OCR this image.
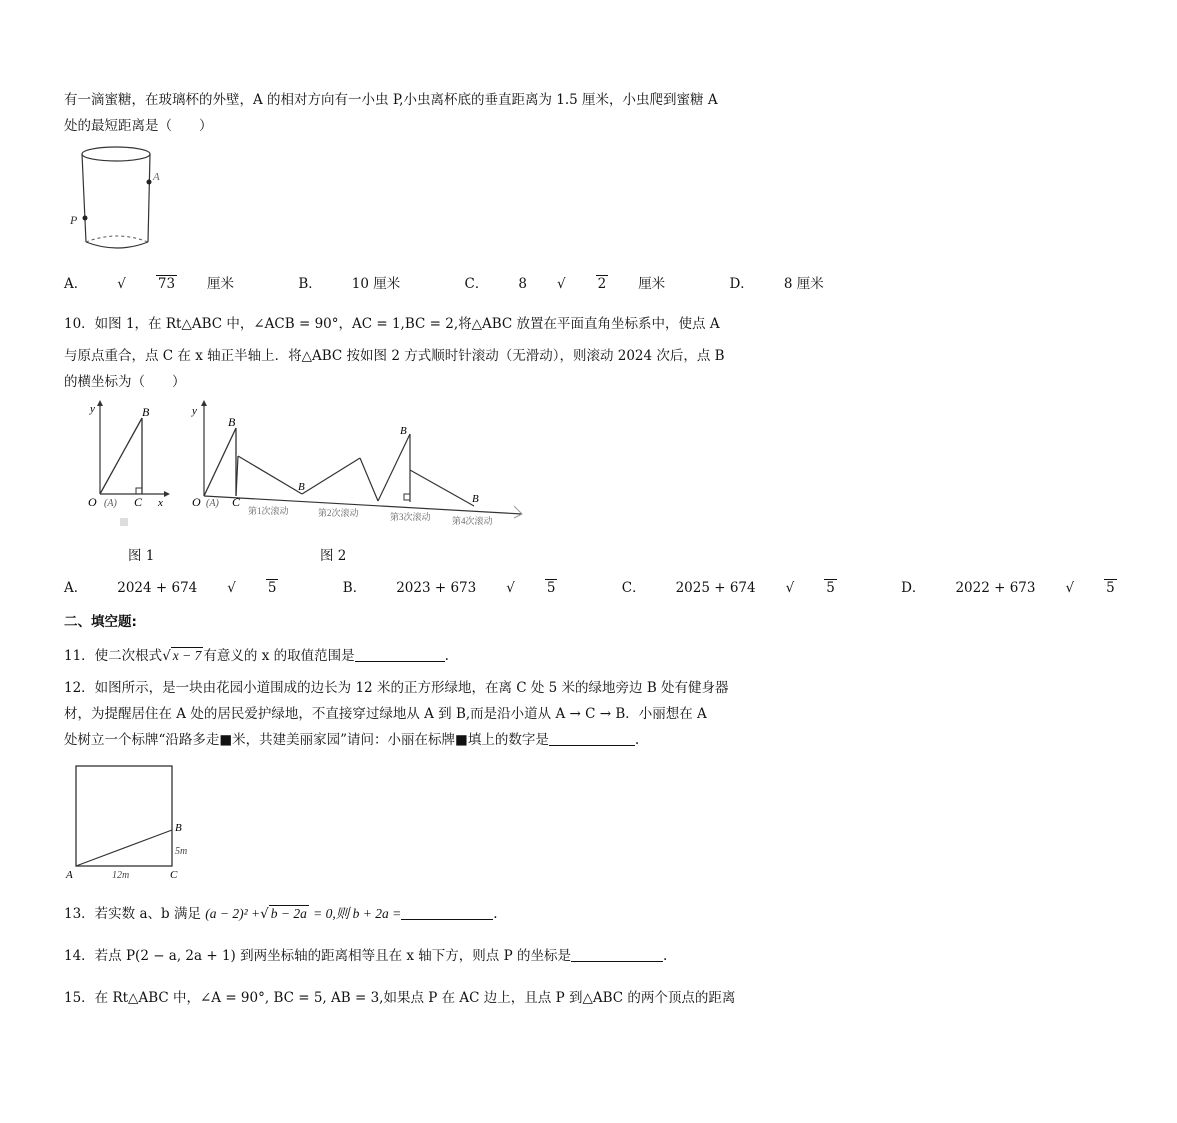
有一滴蜜糖，在玻璃杯的外壁，A 的相对方向有一小虫 P,小虫离杯底的垂直距离为 1.5 厘米，小虫爬到蜜糖 A
处的最短距离是（　　）
A
P
A． √ 73 厘米	B． 10 厘米	C． 8 √ 2 厘米	D． 8 厘米
10．如图 1，在 Rt△ABC 中，∠ACB = 90°，AC = 1,BC = 2,将△ABC 放置在平面直角坐标系中，使点 A
与原点重合，点 C 在 x 轴正半轴上．将△ABC 按如图 2 方式顺时针滚动（无滑动），则滚动 2024 次后，点 B
的横坐标为（　　）
y	B
O (A) C x
y
B
B
B
B
O (A) C
第1次滚动	第2次滚动	第3次滚动 第4次滚动
图 1	图 2
A． 2024 + 674 √ 5	B． 2023 + 673 √ 5	C． 2025 + 674 √ 5	D． 2022 + 673 √ 5
二、填空题:
11．使二次根式√ x − 7 有意义的 x 的取值范围是	.
12．如图所示，是一块由花园小道围成的边长为 12 米的正方形绿地，在离 C 处 5 米的绿地旁边 B 处有健身器
材，为提醒居住在 A 处的居民爱护绿地，不直接穿过绿地从 A 到 B,而是沿小道从 A → C → B．小丽想在 A
处树立一个标牌“沿路多走■米，共建美丽家园”请问：小丽在标牌■填上的数字是	.
B
5m
A	12m	C
13．若实数 a、b 满足 (a − 2)² +√ b − 2a = 0,则 b + 2a =	.
14．若点 P(2 − a, 2a + 1) 到两坐标轴的距离相等且在 x 轴下方，则点 P 的坐标是	.
15．在 Rt△ABC 中，∠A = 90°, BC = 5, AB = 3,如果点 P 在 AC 边上，且点 P 到△ABC 的两个顶点的距离
